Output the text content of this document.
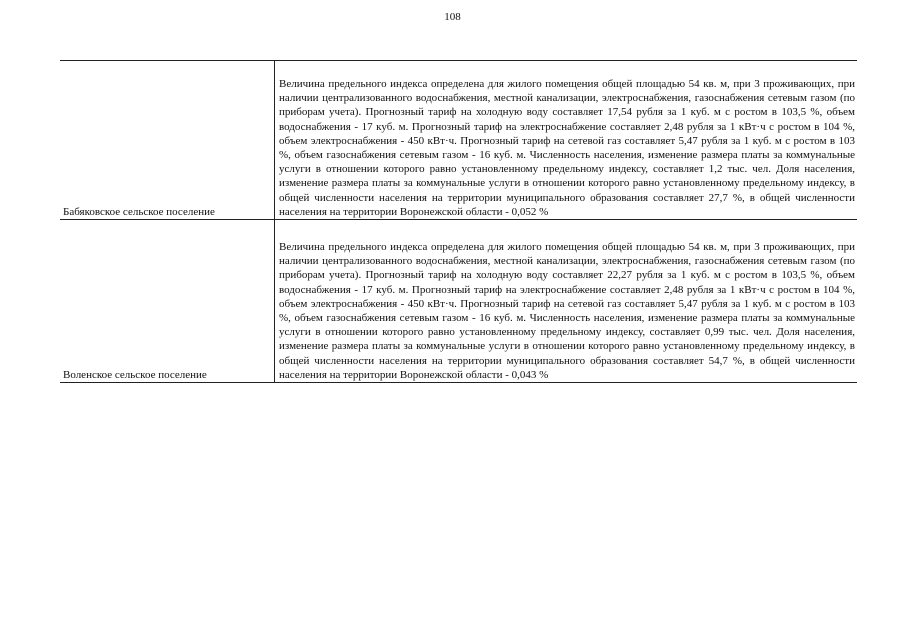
108
Бабяковское сельское поселение	Величина предельного индекса определена для жилого помещения общей площадью 54 кв. м, при 3 проживающих, при наличии централизованного водоснабжения, местной канализации, электроснабжения, газоснабжения сетевым газом (по приборам учета). Прогнозный тариф на холодную воду составляет 17,54 рубля за 1 куб. м с ростом в 103,5 %, объем водоснабжения - 17 куб. м. Прогнозный тариф на электроснабжение составляет 2,48 рубля за 1 кВт·ч с ростом в 104 %, объем электроснабжения - 450 кВт·ч. Прогнозный тариф на сетевой газ составляет 5,47 рубля за 1 куб. м с ростом в 103 %, объем газоснабжения сетевым газом - 16 куб. м. Численность населения, изменение размера платы за коммунальные услуги в отношении которого равно установленному предельному индексу, составляет 1,2 тыс. чел. Доля населения, изменение размера платы за коммунальные услуги в отношении которого равно установленному предельному индексу, в общей численности населения на территории муниципального образования составляет 27,7 %, в общей численности населения на территории Воронежской области - 0,052 %

Воленское сельское поселение	Величина предельного индекса определена для жилого помещения общей площадью 54 кв. м, при 3 проживающих, при наличии централизованного водоснабжения, местной канализации, электроснабжения, газоснабжения сетевым газом (по приборам учета). Прогнозный тариф на холодную воду составляет 22,27 рубля за 1 куб. м с ростом в 103,5 %, объем водоснабжения - 17 куб. м. Прогнозный тариф на электроснабжение составляет 2,48 рубля за 1 кВт·ч с ростом в 104 %, объем электроснабжения - 450 кВт·ч. Прогнозный тариф на сетевой газ составляет 5,47 рубля за 1 куб. м с ростом в 103 %, объем газоснабжения сетевым газом - 16 куб. м. Численность населения, изменение размера платы за коммунальные услуги в отношении которого равно установленному предельному индексу, составляет 0,99 тыс. чел. Доля населения, изменение размера платы за коммунальные услуги в отношении которого равно установленному предельному индексу, в общей численности населения на территории муниципального образования составляет 54,7 %, в общей численности населения на территории Воронежской области - 0,043 %
